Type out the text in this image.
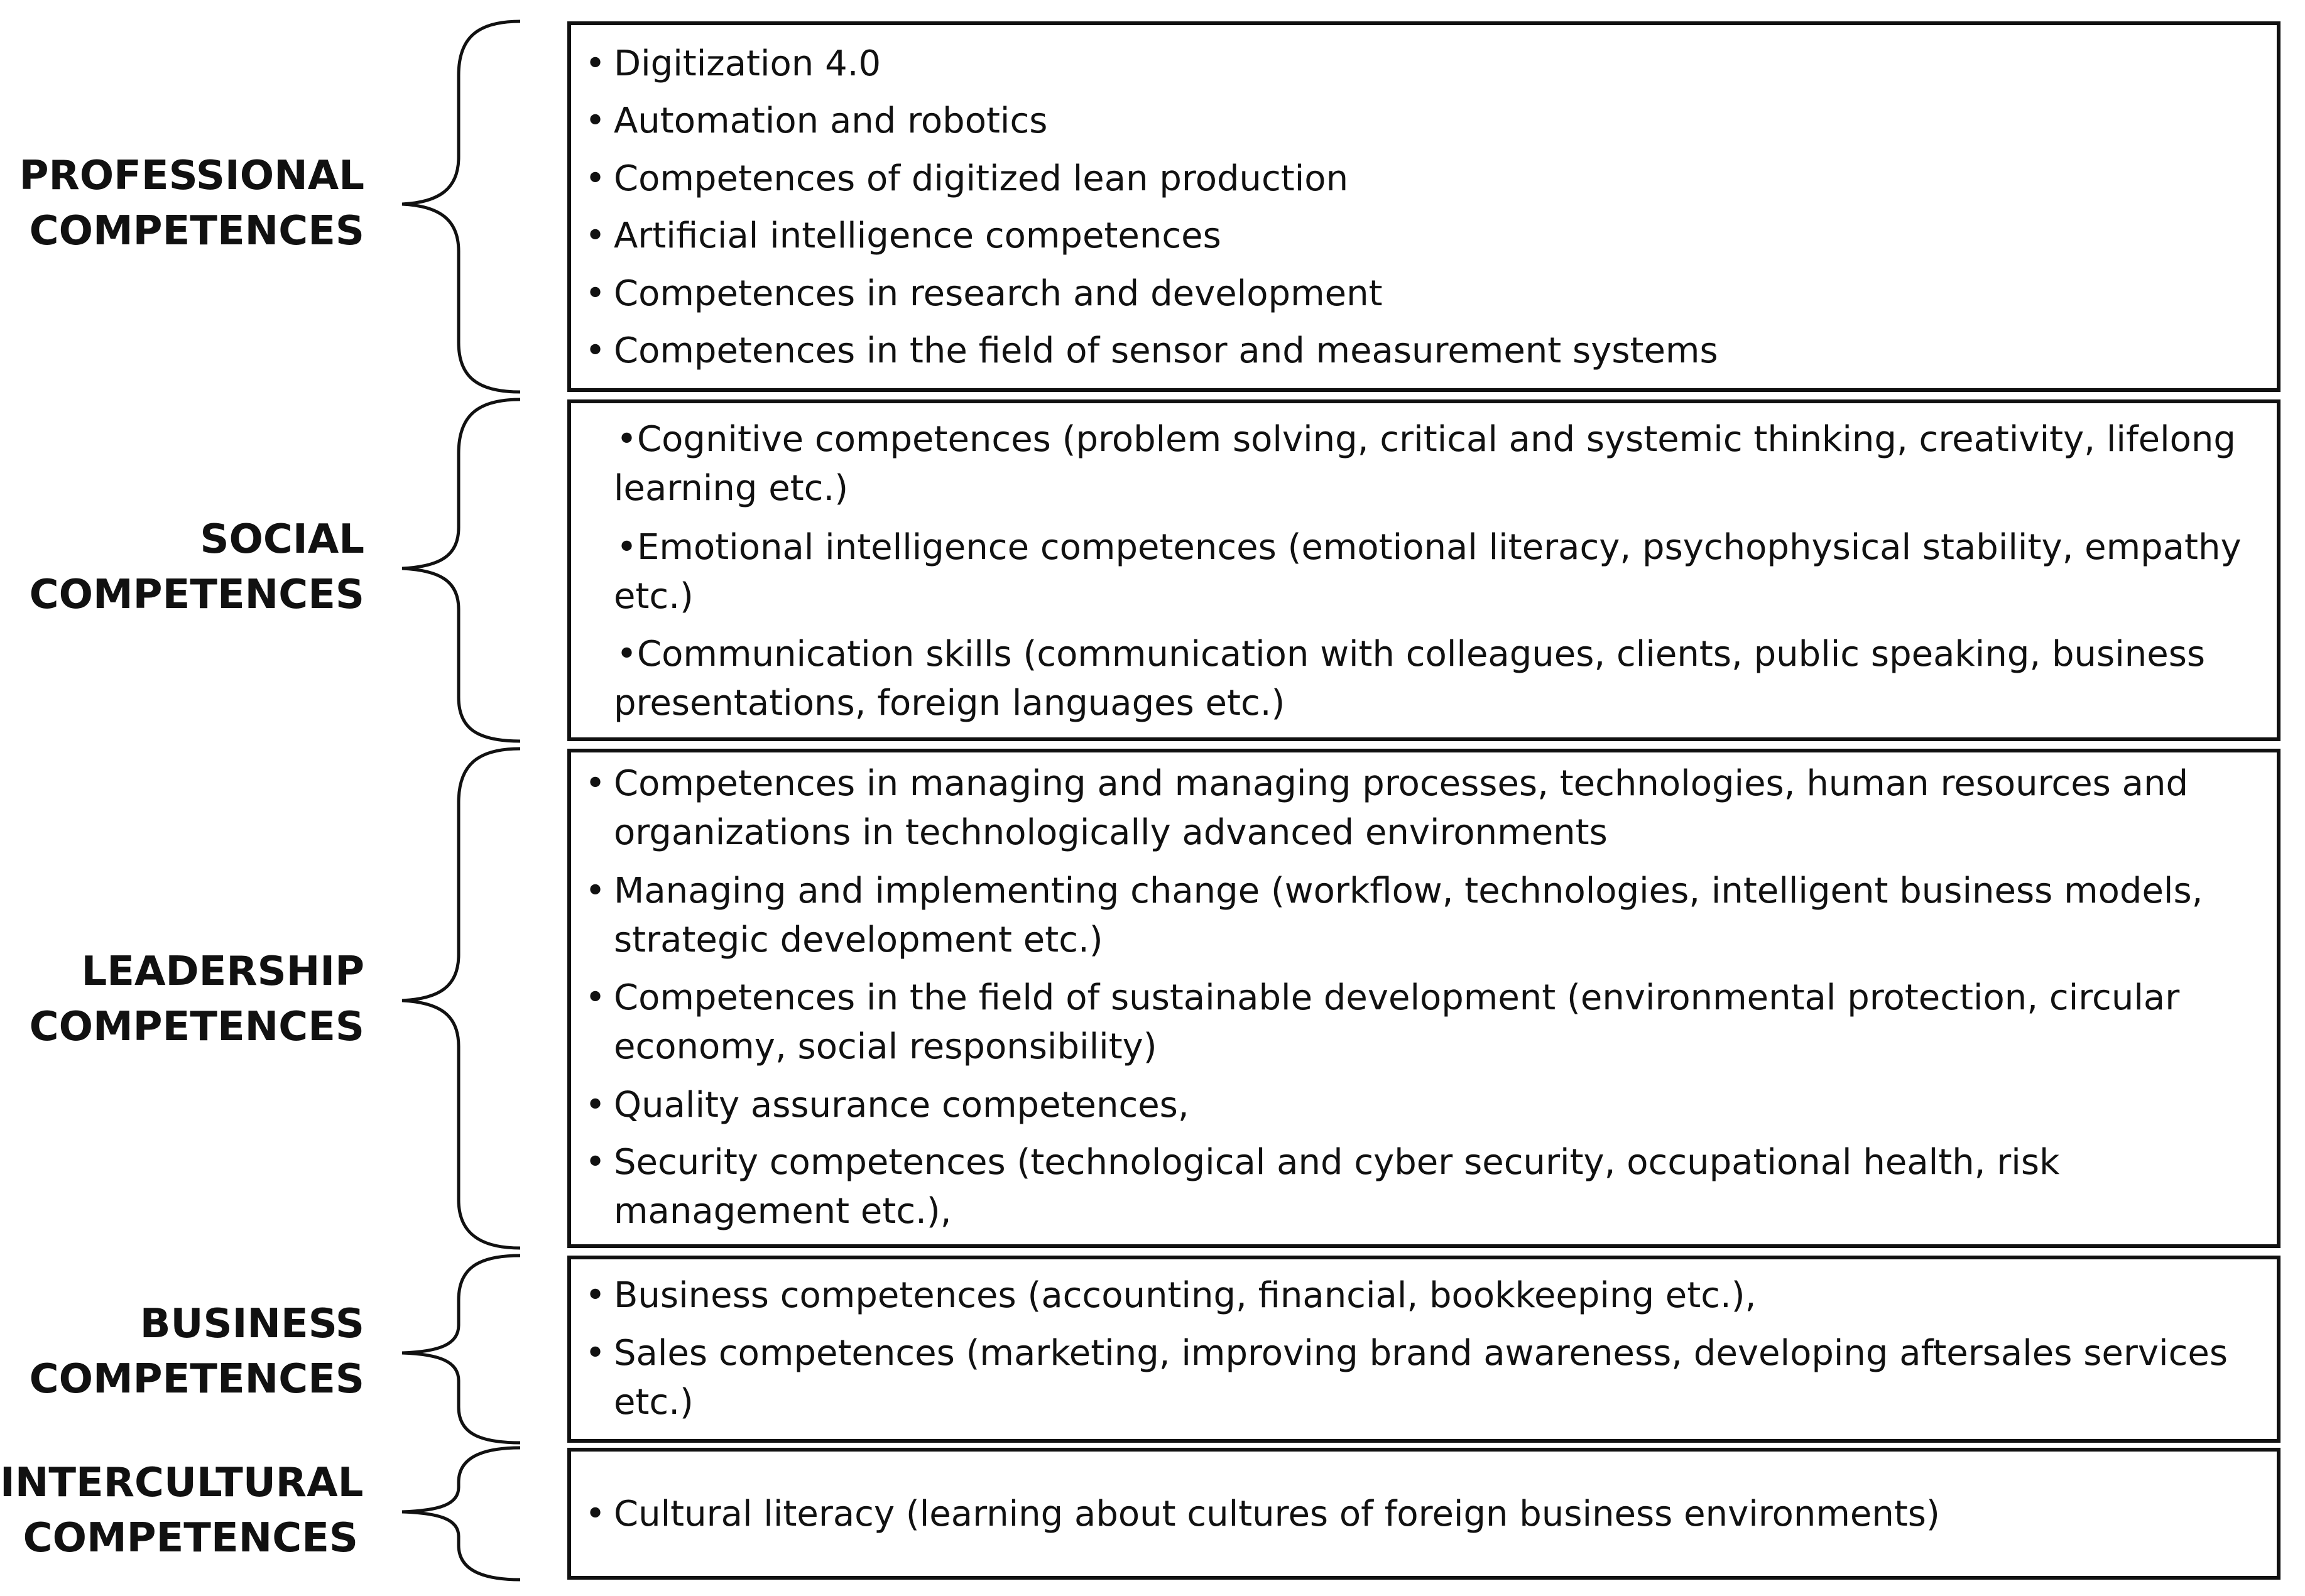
PROFESSIONAL
COMPETENCES
SOCIAL
COMPETENCES
LEADERSHIP
COMPETENCES
BUSINESS
COMPETENCES
INTERCULTURAL
COMPETENCES
• Digitization 4.0
• Automation and robotics
• Competences of digitized lean production
• Artificial intelligence competences
• Competences in research and development
• Competences in the field of sensor and measurement systems
•Cognitive competences (problem solving, critical and systemic thinking, creativity, lifelong
learning etc.)
•Emotional intelligence competences (emotional literacy, psychophysical stability, empathy
etc.)
•Communication skills (communication with colleagues, clients, public speaking, business
presentations, foreign languages etc.)
• Competences in managing and managing processes, technologies, human resources and
organizations in technologically advanced environments
• Managing and implementing change (workflow, technologies, intelligent business models,
strategic development etc.)
• Competences in the field of sustainable development (environmental protection, circular
economy, social responsibility)
• Quality assurance competences,
• Security competences (technological and cyber security, occupational health, risk
management etc.),
• Business competences (accounting, financial, bookkeeping etc.),
• Sales competences (marketing, improving brand awareness, developing aftersales services
etc.)
• Cultural literacy (learning about cultures of foreign business environments)
